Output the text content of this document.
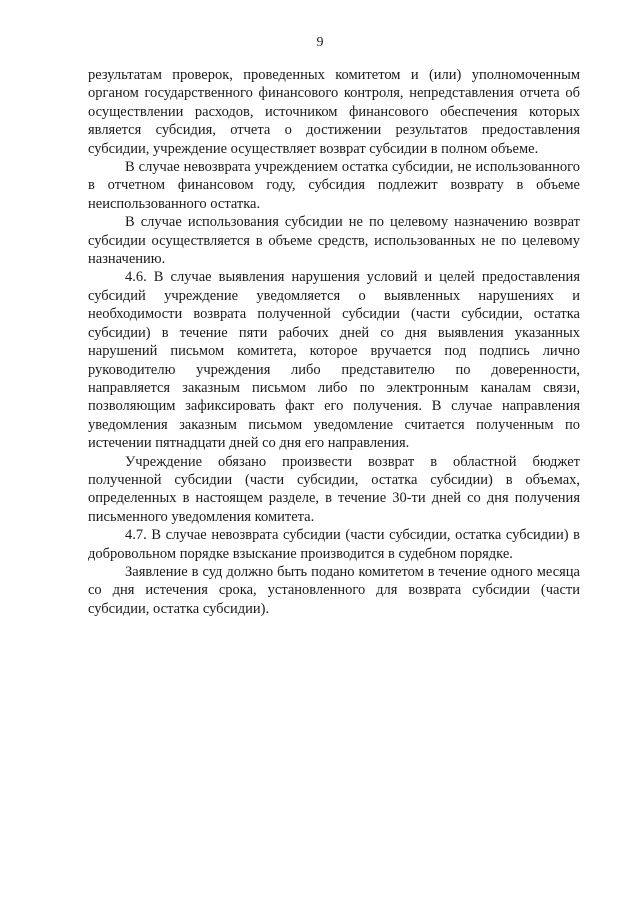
9

результатам проверок, проведенных комитетом и (или) уполномоченным органом государственного финансового контроля, непредставления отчета об осуществлении расходов, источником финансового обеспечения которых является субсидия, отчета о достижении результатов предоставления субсидии, учреждение осуществляет возврат субсидии в полном объеме.

В случае невозврата учреждением остатка субсидии, не использованного в отчетном финансовом году, субсидия подлежит возврату в объеме неиспользованного остатка.

В случае использования субсидии не по целевому назначению возврат субсидии осуществляется в объеме средств, использованных не по целевому назначению.

4.6. В случае выявления нарушения условий и целей предоставления субсидий учреждение уведомляется о выявленных нарушениях и необходимости возврата полученной субсидии (части субсидии, остатка субсидии) в течение пяти рабочих дней со дня выявления указанных нарушений письмом комитета, которое вручается под подпись лично руководителю учреждения либо представителю по доверенности, направляется заказным письмом либо по электронным каналам связи, позволяющим зафиксировать факт его получения. В случае направления уведомления заказным письмом уведомление считается полученным по истечении пятнадцати дней со дня его направления.

Учреждение обязано произвести возврат в областной бюджет полученной субсидии (части субсидии, остатка субсидии) в объемах, определенных в настоящем разделе, в течение 30-ти дней со дня получения письменного уведомления комитета.

4.7. В случае невозврата субсидии (части субсидии, остатка субсидии) в добровольном порядке взыскание производится в судебном порядке.

Заявление в суд должно быть подано комитетом в течение одного месяца со дня истечения срока, установленного для возврата субсидии (части субсидии, остатка субсидии).
